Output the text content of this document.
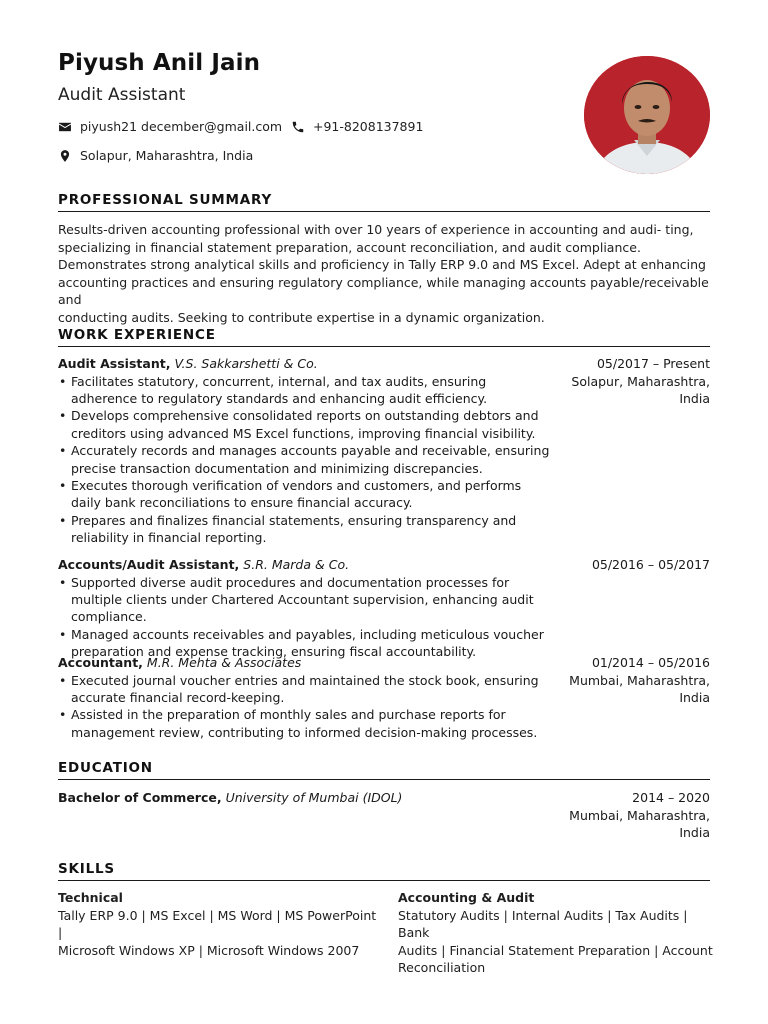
Piyush Anil Jain
Audit Assistant
piyush21 december@gmail.com +91-8208137891
Solapur, Maharashtra, India
PROFESSIONAL SUMMARY
Results-driven accounting professional with over 10 years of experience in accounting and audi- ting,
specializing in financial statement preparation, account reconciliation, and audit compliance.
Demonstrates strong analytical skills and proficiency in Tally ERP 9.0 and MS Excel. Adept at enhancing
accounting practices and ensuring regulatory compliance, while managing accounts payable/receivable and
conducting audits. Seeking to contribute expertise in a dynamic organization.
WORK EXPERIENCE
Audit Assistant, V.S. Sakkarshetti & Co.	05/2017 – Present
Solapur, Maharashtra,
India
• Facilitates statutory, concurrent, internal, and tax audits, ensuring adherence to regulatory standards and enhancing audit efficiency.
• Develops comprehensive consolidated reports on outstanding debtors and creditors using advanced MS Excel functions, improving financial visibility.
• Accurately records and manages accounts payable and receivable, ensuring precise transaction documentation and minimizing discrepancies.
• Executes thorough verification of vendors and customers, and performs daily bank reconciliations to ensure financial accuracy.
• Prepares and finalizes financial statements, ensuring transparency and reliability in financial reporting.
Accounts/Audit Assistant, S.R. Marda & Co.	05/2016 – 05/2017
• Supported diverse audit procedures and documentation processes for multiple clients under Chartered Accountant supervision, enhancing audit compliance.
• Managed accounts receivables and payables, including meticulous voucher preparation and expense tracking, ensuring fiscal accountability.
Accountant, M.R. Mehta & Associates	01/2014 – 05/2016
Mumbai, Maharashtra,
India
• Executed journal voucher entries and maintained the stock book, ensuring accurate financial record-keeping.
• Assisted in the preparation of monthly sales and purchase reports for management review, contributing to informed decision-making processes.
EDUCATION
Bachelor of Commerce, University of Mumbai (IDOL)	2014 – 2020
Mumbai, Maharashtra,
India
SKILLS
Technical
Tally ERP 9.0 | MS Excel | MS Word | MS PowerPoint |
Microsoft Windows XP | Microsoft Windows 2007
Accounting & Audit
Statutory Audits | Internal Audits | Tax Audits | Bank
Audits | Financial Statement Preparation | Account
Reconciliation
